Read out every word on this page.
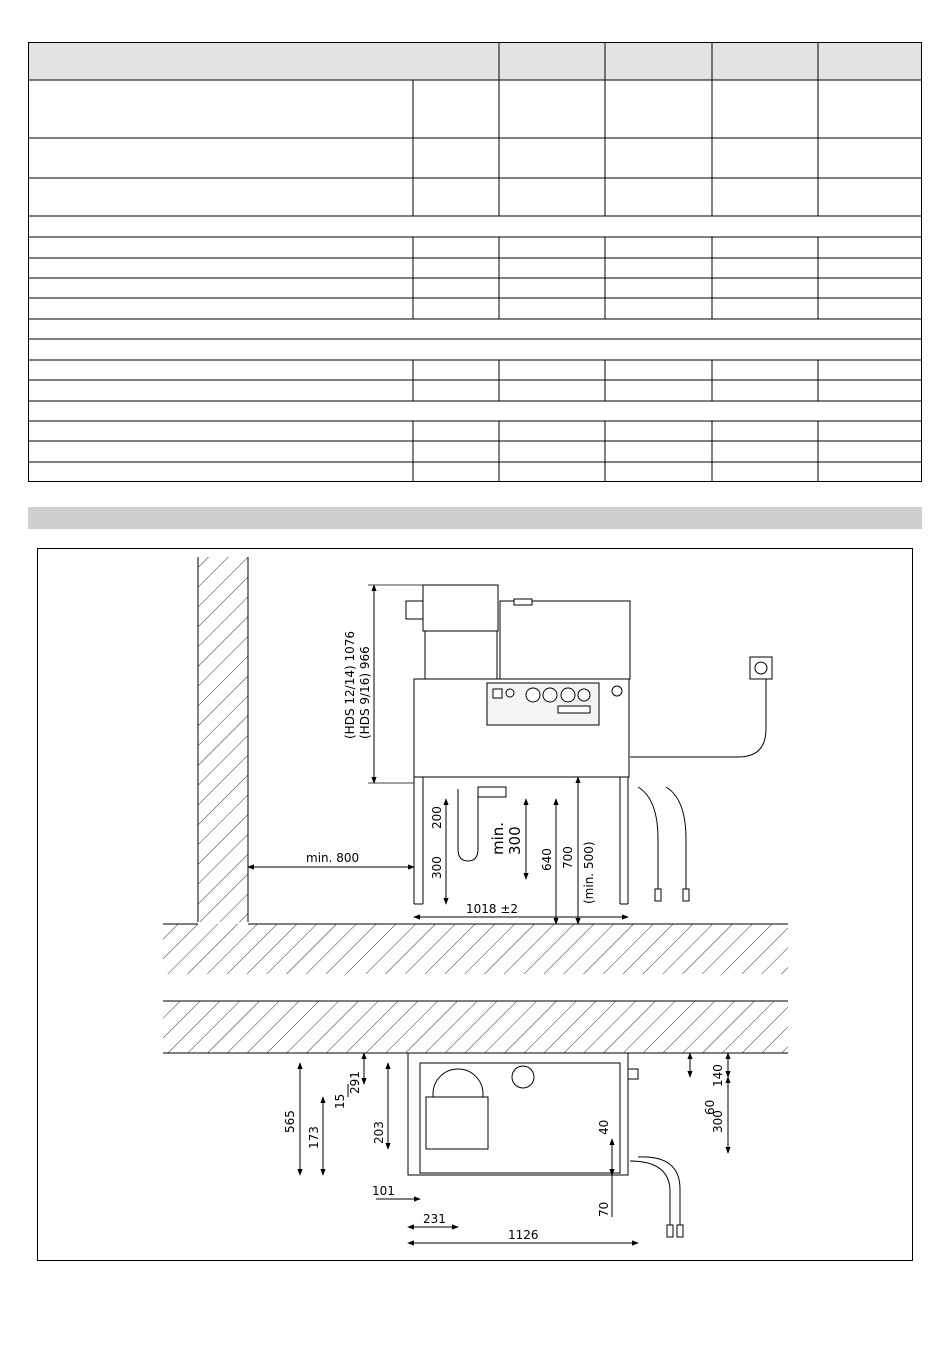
(HDS 12/14) 1076 (HDS 9/16) 966
min. 800
200
300
min. 300
640 700 (min. 500)
1018 ±2
565
173
15
291
203
101
231
1126
40
70
60
140
300
